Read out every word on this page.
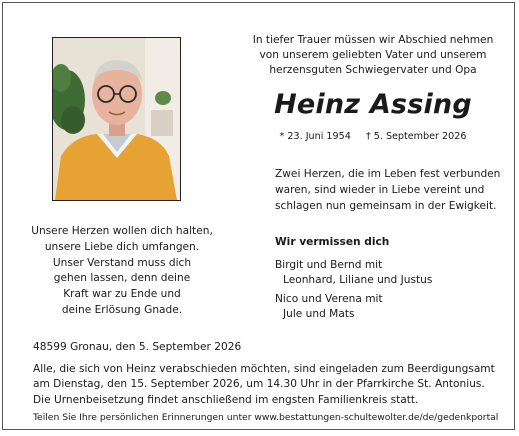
In tiefer Trauer müssen wir Abschied nehmen
von unserem geliebten Vater und unserem
herzensguten Schwiegervater und Opa
Heinz Assing
* 23. Juni 1954 † 5. September 2026
Zwei Herzen, die im Leben fest verbunden
waren, sind wieder in Liebe vereint und
schlagen nun gemeinsam in der Ewigkeit.
Unsere Herzen wollen dich halten,
unsere Liebe dich umfangen.
Unser Verstand muss dich
gehen lassen, denn deine
Kraft war zu Ende und
deine Erlösung Gnade.
Wir vermissen dich
Birgit und Bernd mit
Leonhard, Liliane und Justus
Nico und Verena mit
Jule und Mats
48599 Gronau, den 5. September 2026
Alle, die sich von Heinz verabschieden möchten, sind eingeladen zum Beerdigungsamt
am Dienstag, den 15. September 2026, um 14.30 Uhr in der Pfarrkirche St. Antonius.
Die Urnenbeisetzung findet anschließend im engsten Familienkreis statt.
Teilen Sie Ihre persönlichen Erinnerungen unter www.bestattungen-schultewolter.de/de/gedenkportal
